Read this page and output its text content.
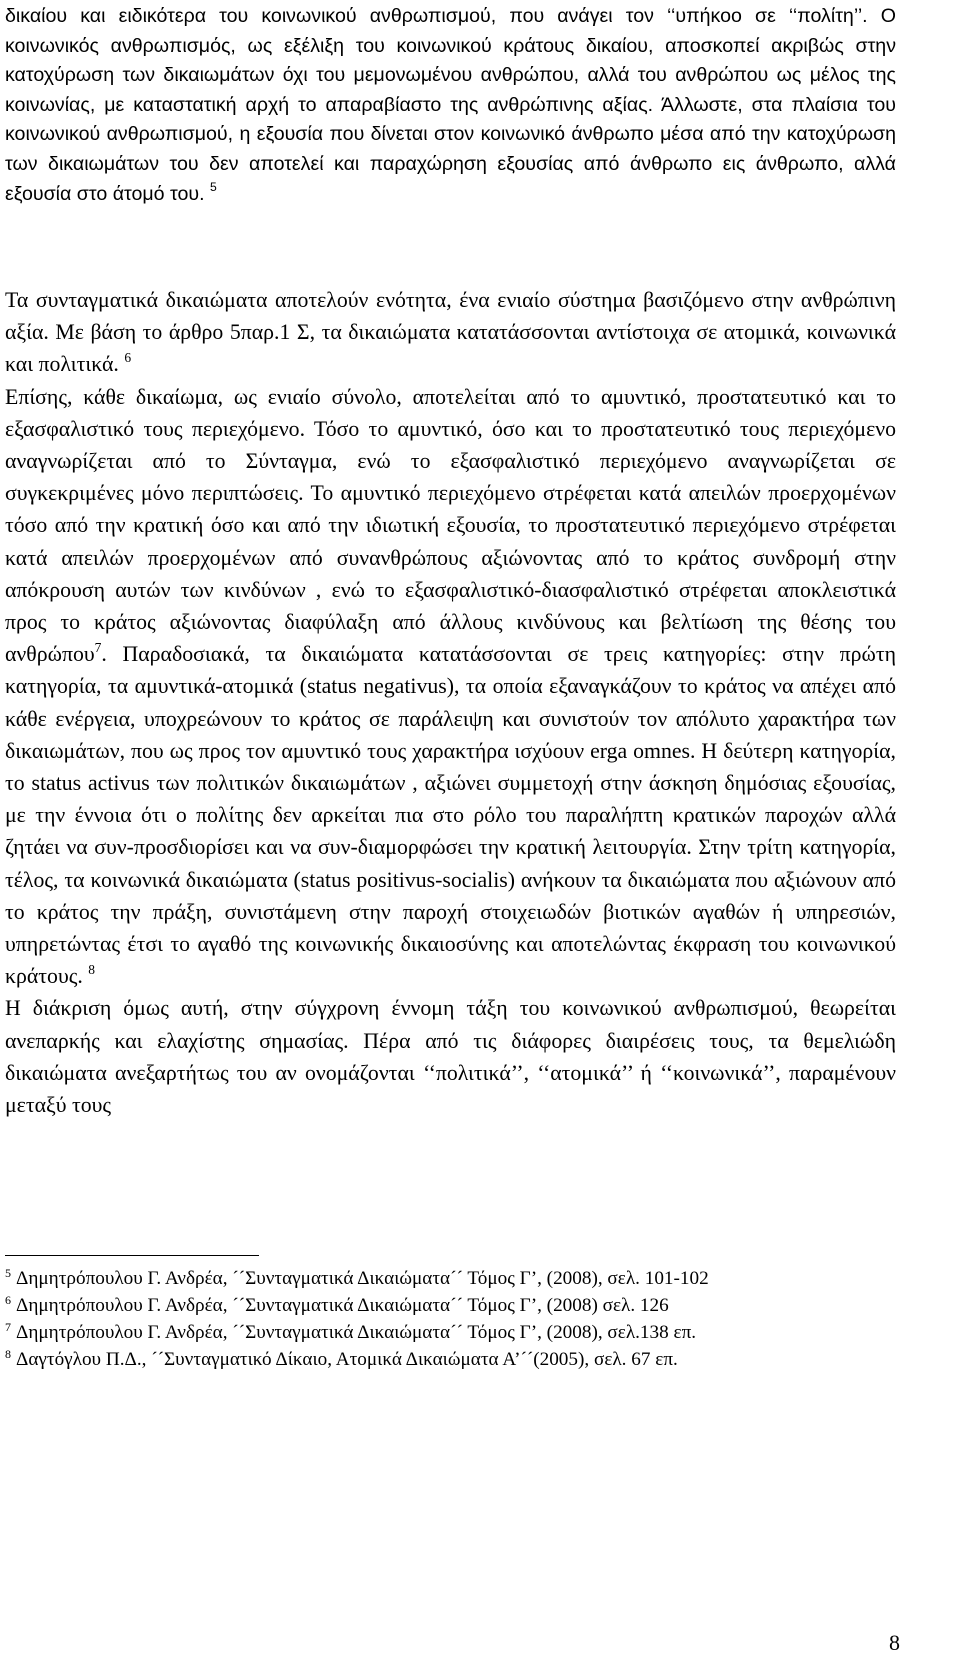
δικαίου και ειδικότερα του κοινωνικού ανθρωπισμού, που ανάγει τον ‘‘υπήκοο σε ‘‘πολίτη’’. Ο κοινωνικός ανθρωπισμός, ως εξέλιξη του κοινωνικού κράτους δικαίου, αποσκοπεί ακριβώς στην κατοχύρωση των δικαιωμάτων όχι του μεμονωμένου ανθρώπου, αλλά του ανθρώπου ως μέλος της κοινωνίας, με καταστατική αρχή το απαραβίαστο της ανθρώπινης αξίας. Άλλωστε, στα πλαίσια του κοινωνικού ανθρωπισμού, η εξουσία που δίνεται στον κοινωνικό άνθρωπο μέσα από την κατοχύρωση των δικαιωμάτων του δεν αποτελεί και παραχώρηση εξουσίας από άνθρωπο εις άνθρωπο, αλλά εξουσία στο άτομό του. $^5$

Τα συνταγματικά δικαιώματα αποτελούν ενότητα, ένα ενιαίο σύστημα βασιζόμενο στην ανθρώπινη αξία. Με βάση το άρθρο 5παρ.1 Σ, τα δικαιώματα κατατάσσονται αντίστοιχα σε ατομικά, κοινωνικά και πολιτικά. $^6$

Επίσης, κάθε δικαίωμα, ως ενιαίο σύνολο, αποτελείται από το αμυντικό, προστατευτικό και το εξασφαλιστικό τους περιεχόμενο. Τόσο το αμυντικό, όσο και το προστατευτικό τους περιεχόμενο αναγνωρίζεται από το Σύνταγμα, ενώ το εξασφαλιστικό περιεχόμενο αναγνωρίζεται σε συγκεκριμένες μόνο περιπτώσεις. Το αμυντικό περιεχόμενο στρέφεται κατά απειλών προερχομένων τόσο από την κρατική όσο και από την ιδιωτική εξουσία, το προστατευτικό περιεχόμενο στρέφεται κατά απειλών προερχομένων από συνανθρώπους αξιώνοντας από το κράτος συνδρομή στην απόκρουση αυτών των κινδύνων , ενώ το εξασφαλιστικό-διασφαλιστικό στρέφεται αποκλειστικά προς το κράτος αξιώνοντας διαφύλαξη από άλλους κινδύνους και βελτίωση της θέσης του ανθρώπου$^7$. Παραδοσιακά, τα δικαιώματα κατατάσσονται σε τρεις κατηγορίες: στην πρώτη κατηγορία, τα αμυντικά-ατομικά (status negativus), τα οποία εξαναγκάζουν το κράτος να απέχει από κάθε ενέργεια, υποχρεώνουν το κράτος σε παράλειψη και συνιστούν τον απόλυτο χαρακτήρα των δικαιωμάτων, που ως προς τον αμυντικό τους χαρακτήρα ισχύουν erga omnes. Η δεύτερη κατηγορία, το status activus των πολιτικών δικαιωμάτων , αξιώνει συμμετοχή στην άσκηση δημόσιας εξουσίας, με την έννοια ότι ο πολίτης δεν αρκείται πια στο ρόλο του παραλήπτη κρατικών παροχών αλλά ζητάει να συν-προσδιορίσει και να συν-διαμορφώσει την κρατική λειτουργία. Στην τρίτη κατηγορία, τέλος, τα κοινωνικά δικαιώματα (status positivus-socialis) ανήκουν τα δικαιώματα που αξιώνουν από το κράτος την πράξη, συνιστάμενη στην παροχή στοιχειωδών βιοτικών αγαθών ή υπηρεσιών, υπηρετώντας έτσι το αγαθό της κοινωνικής δικαιοσύνης και αποτελώντας έκφραση του κοινωνικού κράτους. $^8$

Η διάκριση όμως αυτή, στην σύγχρονη έννομη τάξη του κοινωνικού ανθρωπισμού, θεωρείται ανεπαρκής και ελαχίστης σημασίας. Πέρα από τις διάφορες διαιρέσεις τους, τα θεμελιώδη δικαιώματα ανεξαρτήτως του αν ονομάζονται ‘‘πολιτικά’’, ‘‘ατομικά’’ ή ‘‘κοινωνικά’’, παραμένουν μεταξύ τους

$^5$ Δημητρόπουλου Γ. Ανδρέα, ´´Συνταγματικά Δικαιώματα´´ Τόμος Γ’, (2008), σελ. 101-102

$^6$ Δημητρόπουλου Γ. Ανδρέα, ´´Συνταγματικά Δικαιώματα´´ Τόμος Γ’, (2008) σελ. 126

$^7$ Δημητρόπουλου Γ. Ανδρέα, ´´Συνταγματικά Δικαιώματα´´ Τόμος Γ’, (2008), σελ.138 επ.

$^8$ Δαγτόγλου Π.Δ., ´´Συνταγματικό Δίκαιο, Ατομικά Δικαιώματα Α’´´(2005), σελ. 67 επ.

8
